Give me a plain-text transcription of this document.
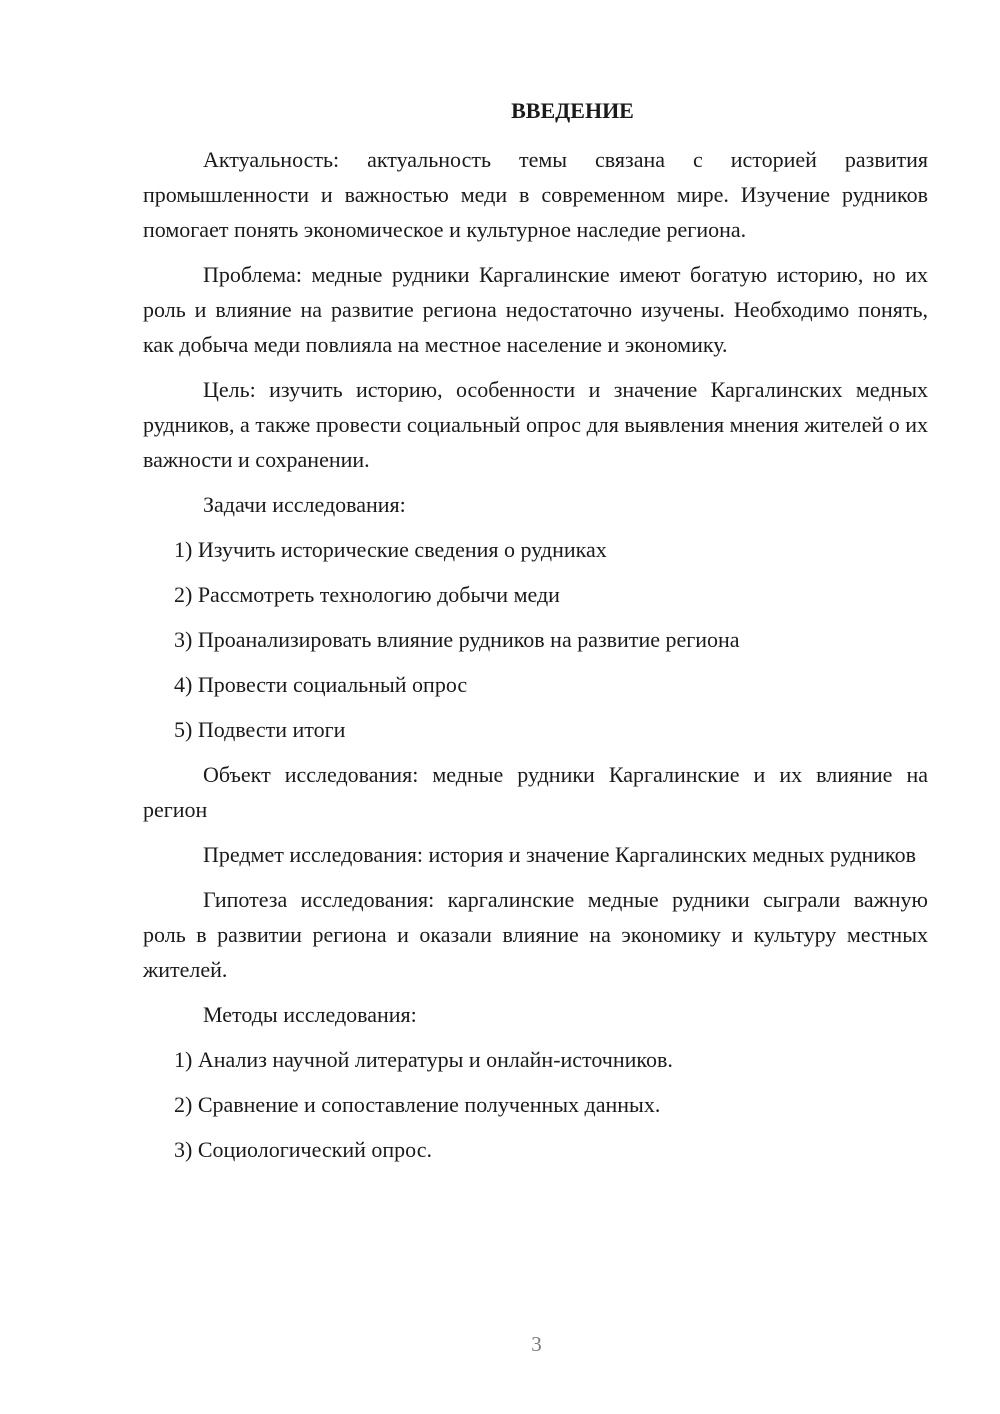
ВВЕДЕНИЕ

Актуальность: актуальность темы связана с историей развития промышленности и важностью меди в современном мире. Изучение рудников помогает понять экономическое и культурное наследие региона.

Проблема: медные рудники Каргалинские имеют богатую историю, но их роль и влияние на развитие региона недостаточно изучены. Необходимо понять, как добыча меди повлияла на местное население и экономику.

Цель: изучить историю, особенности и значение Каргалинских медных рудников, а также провести социальный опрос для выявления мнения жителей о их важности и сохранении.

Задачи исследования:

1) Изучить исторические сведения о рудниках

2) Рассмотреть технологию добычи меди

3) Проанализировать влияние рудников на развитие региона

4) Провести социальный опрос

5) Подвести итоги

Объект исследования: медные рудники Каргалинские и их влияние на регион

Предмет исследования: история и значение Каргалинских медных рудников

Гипотеза исследования: каргалинские медные рудники сыграли важную роль в развитии региона и оказали влияние на экономику и культуру местных жителей.

Методы исследования:

1) Анализ научной литературы и онлайн-источников.

2) Сравнение и сопоставление полученных данных.

3) Социологический опрос.

3
